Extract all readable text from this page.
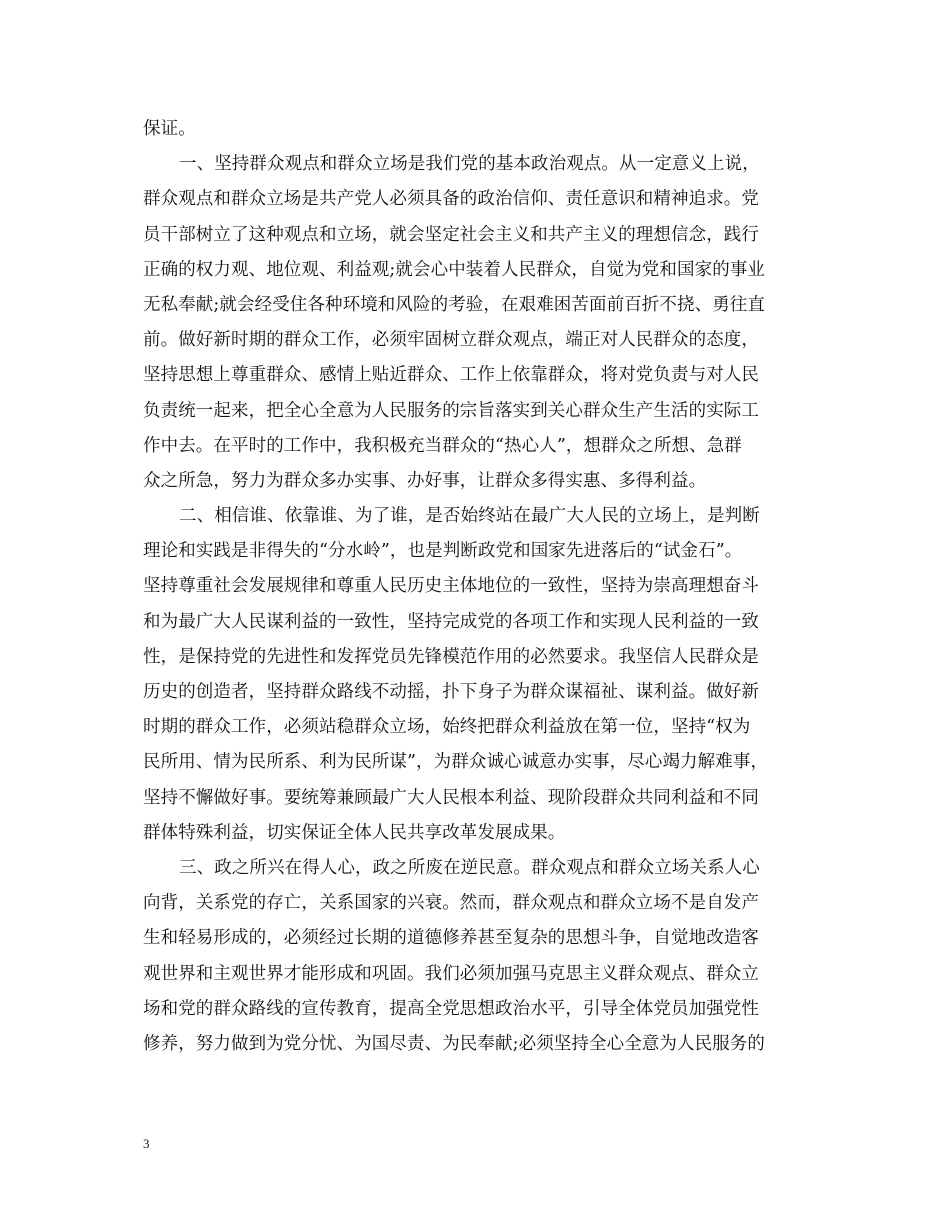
保证。
一、坚持群众观点和群众立场是我们党的基本政治观点。从一定意义上说，
群众观点和群众立场是共产党人必须具备的政治信仰、责任意识和精神追求。党
员干部树立了这种观点和立场，就会坚定社会主义和共产主义的理想信念，践行
正确的权力观、地位观、利益观;就会心中装着人民群众，自觉为党和国家的事业
无私奉献;就会经受住各种环境和风险的考验，在艰难困苦面前百折不挠、勇往直
前。做好新时期的群众工作，必须牢固树立群众观点，端正对人民群众的态度，
坚持思想上尊重群众、感情上贴近群众、工作上依靠群众，将对党负责与对人民
负责统一起来，把全心全意为人民服务的宗旨落实到关心群众生产生活的实际工
作中去。在平时的工作中，我积极充当群众的“热心人”，想群众之所想、急群
众之所急，努力为群众多办实事、办好事，让群众多得实惠、多得利益。
二、相信谁、依靠谁、为了谁，是否始终站在最广大人民的立场上，是判断
理论和实践是非得失的“分水岭”，也是判断政党和国家先进落后的“试金石”。
坚持尊重社会发展规律和尊重人民历史主体地位的一致性，坚持为崇高理想奋斗
和为最广大人民谋利益的一致性，坚持完成党的各项工作和实现人民利益的一致
性，是保持党的先进性和发挥党员先锋模范作用的必然要求。我坚信人民群众是
历史的创造者，坚持群众路线不动摇，扑下身子为群众谋福祉、谋利益。做好新
时期的群众工作，必须站稳群众立场，始终把群众利益放在第一位，坚持“权为
民所用、情为民所系、利为民所谋”，为群众诚心诚意办实事，尽心竭力解难事，
坚持不懈做好事。要统筹兼顾最广大人民根本利益、现阶段群众共同利益和不同
群体特殊利益，切实保证全体人民共享改革发展成果。
三、政之所兴在得人心，政之所废在逆民意。群众观点和群众立场关系人心
向背，关系党的存亡，关系国家的兴衰。然而，群众观点和群众立场不是自发产
生和轻易形成的，必须经过长期的道德修养甚至复杂的思想斗争，自觉地改造客
观世界和主观世界才能形成和巩固。我们必须加强马克思主义群众观点、群众立
场和党的群众路线的宣传教育，提高全党思想政治水平，引导全体党员加强党性
修养，努力做到为党分忧、为国尽责、为民奉献;必须坚持全心全意为人民服务的
3
